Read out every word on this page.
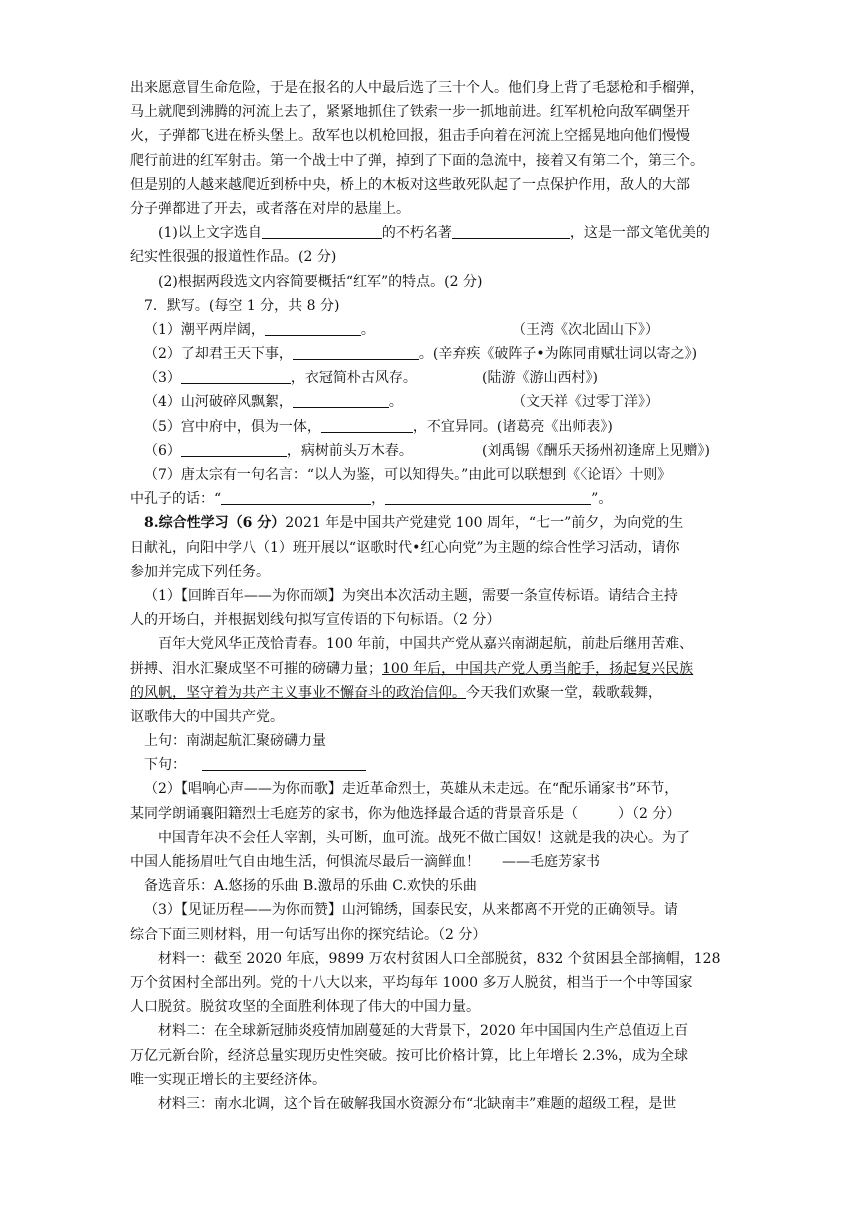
出来愿意冒生命危险，于是在报名的人中最后选了三十个人。他们身上背了毛瑟枪和手榴弹，
马上就爬到沸腾的河流上去了，紧紧地抓住了铁索一步一抓地前进。红军机枪向敌军碉堡开
火，子弹都飞进在桥头堡上。敌军也以机枪回报，狙击手向着在河流上空摇晃地向他们慢慢
爬行前进的红军射击。第一个战士中了弹，掉到了下面的急流中，接着又有第二个，第三个。
但是别的人越来越爬近到桥中央，桥上的木板对这些敢死队起了一点保护作用，敌人的大部
分子弹都进了开去，或者落在对岸的悬崖上。
(1)以上文字选自	的不朽名著	，这是一部文笔优美的
纪实性很强的报道性作品。(2 分)
(2)根据两段选文内容简要概括“红军”的特点。(2 分)
7．默写。(每空 1 分，共 8 分)
（1）潮平两岸阔，	。	（王湾《次北固山下》）
（2）了却君王天下事，	。(辛弃疾《破阵子•为陈同甫赋壮词以寄之》)
（3）	，衣冠简朴古风存。	(陆游《游山西村》)
（4）山河破碎风飘絮，	。	（文天祥《过零丁洋》）
（5）宫中府中，俱为一体，	，不宜异同。(诸葛亮《出师表》)
（6）	，病树前头万木春。	(刘禹锡《酬乐天扬州初逢席上见赠》)
（7）唐太宗有一句名言：“以人为鉴，可以知得失。”由此可以联想到《〈论语〉十则》
中孔子的话：“	，	”。
8.综合性学习（6 分）2021 年是中国共产党建党 100 周年，“七一”前夕，为向党的生
日献礼，向阳中学八（1）班开展以“讴歌时代•红心向党”为主题的综合性学习活动，请你
参加并完成下列任务。
（1）【回眸百年——为你而颂】为突出本次活动主题，需要一条宣传标语。请结合主持
人的开场白，并根据划线句拟写宣传语的下句标语。（2 分）
百年大党风华正茂恰青春。100 年前，中国共产党从嘉兴南湖起航，前赴后继用苦难、
拼搏、泪水汇聚成坚不可摧的磅礴力量；100 年后，中国共产党人勇当舵手，扬起复兴民族
的风帆，坚守着为共产主义事业不懈奋斗的政治信仰。今天我们欢聚一堂，载歌载舞，
讴歌伟大的中国共产党。
上句：南湖起航汇聚磅礴力量
下句：
（2）【唱响心声——为你而歌】走近革命烈士，英雄从未走远。在“配乐诵家书”环节，
某同学朗诵襄阳籍烈士毛庭芳的家书，你为他选择最合适的背景音乐是（	）（2 分）
中国青年决不会任人宰割，头可断，血可流。战死不做亡国奴！这就是我的决心。为了
中国人能扬眉吐气自由地生活，何惧流尽最后一滴鲜血！ ——毛庭芳家书
备选音乐：A.悠扬的乐曲 B.激昂的乐曲 C.欢快的乐曲
（3）【见证历程——为你而赞】山河锦绣，国泰民安，从来都离不开党的正确领导。请
综合下面三则材料，用一句话写出你的探究结论。（2 分）
材料一：截至 2020 年底，9899 万农村贫困人口全部脱贫，832 个贫困县全部摘帽，128
万个贫困村全部出列。党的十八大以来，平均每年 1000 多万人脱贫，相当于一个中等国家
人口脱贫。脱贫攻坚的全面胜利体现了伟大的中国力量。
材料二：在全球新冠肺炎疫情加剧蔓延的大背景下，2020 年中国国内生产总值迈上百
万亿元新台阶，经济总量实现历史性突破。按可比价格计算，比上年增长 2.3%，成为全球
唯一实现正增长的主要经济体。
材料三：南水北调，这个旨在破解我国水资源分布“北缺南丰”难题的超级工程，是世
